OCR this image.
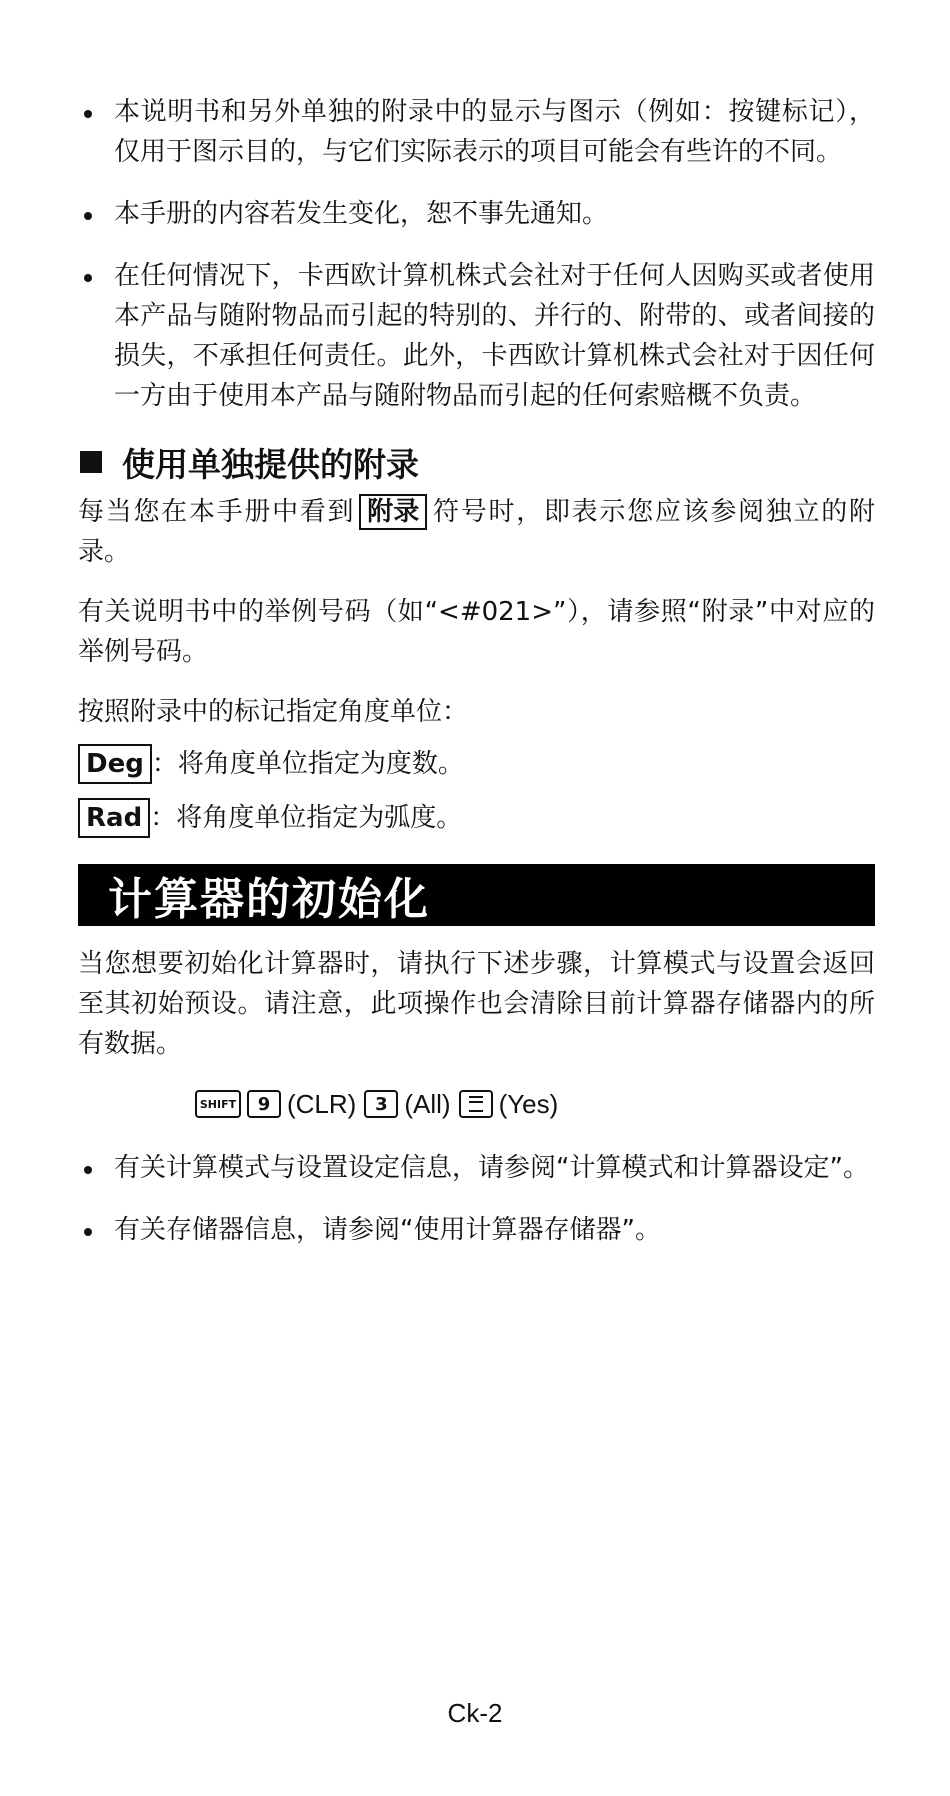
本说明书和另外单独的附录中的显示与图示（例如：按键标记），仅用于图示目的，与它们实际表示的项目可能会有些许的不同。
本手册的内容若发生变化，恕不事先通知。
在任何情况下，卡西欧计算机株式会社对于任何人因购买或者使用本产品与随附物品而引起的特别的、并行的、附带的、或者间接的损失，不承担任何责任。此外，卡西欧计算机株式会社对于因任何一方由于使用本产品与随附物品而引起的任何索赔概不负责。
使用单独提供的附录

每当您在本手册中看到 附录 符号时，即表示您应该参阅独立的附录。

有关说明书中的举例号码（如“<#021>”），请参照“附录”中对应的举例号码。

按照附录中的标记指定角度单位：

Deg ：将角度单位指定为度数。
Rad ：将角度单位指定为弧度。
计算器的初始化

当您想要初始化计算器时，请执行下述步骤，计算模式与设置会返回至其初始预设。请注意，此项操作也会清除目前计算器存储器内的所有数据。

SHIFT	9 (CLR)	3 (All) (Yes)
有关计算模式与设置设定信息，请参阅“计算模式和计算器设定”。
有关存储器信息，请参阅“使用计算器存储器”。
Ck-2
